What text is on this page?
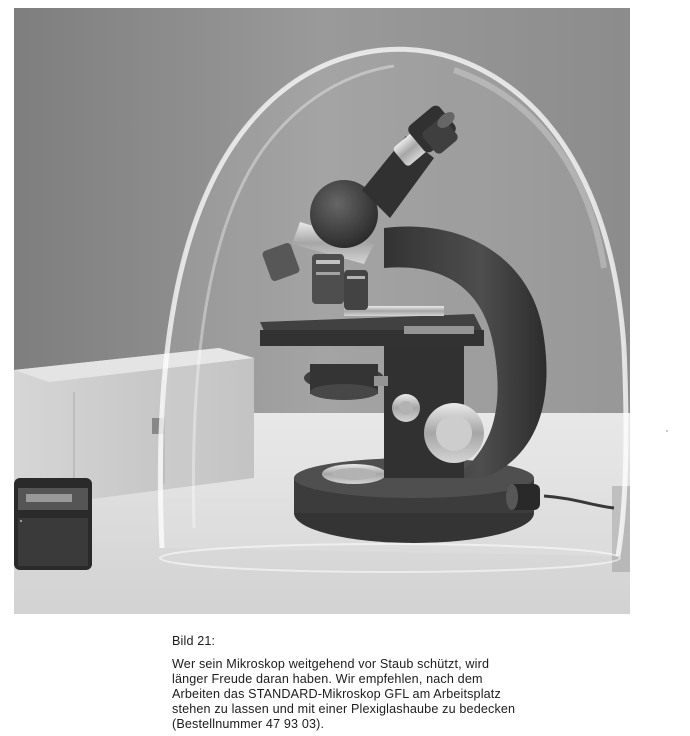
Bild 21:
Wer sein Mikroskop weitgehend vor Staub schützt, wird
länger Freude daran haben. Wir empfehlen, nach dem
Arbeiten das STANDARD-Mikroskop GFL am Arbeitsplatz
stehen zu lassen und mit einer Plexiglashaube zu bedecken
(Bestellnummer 47 93 03).
